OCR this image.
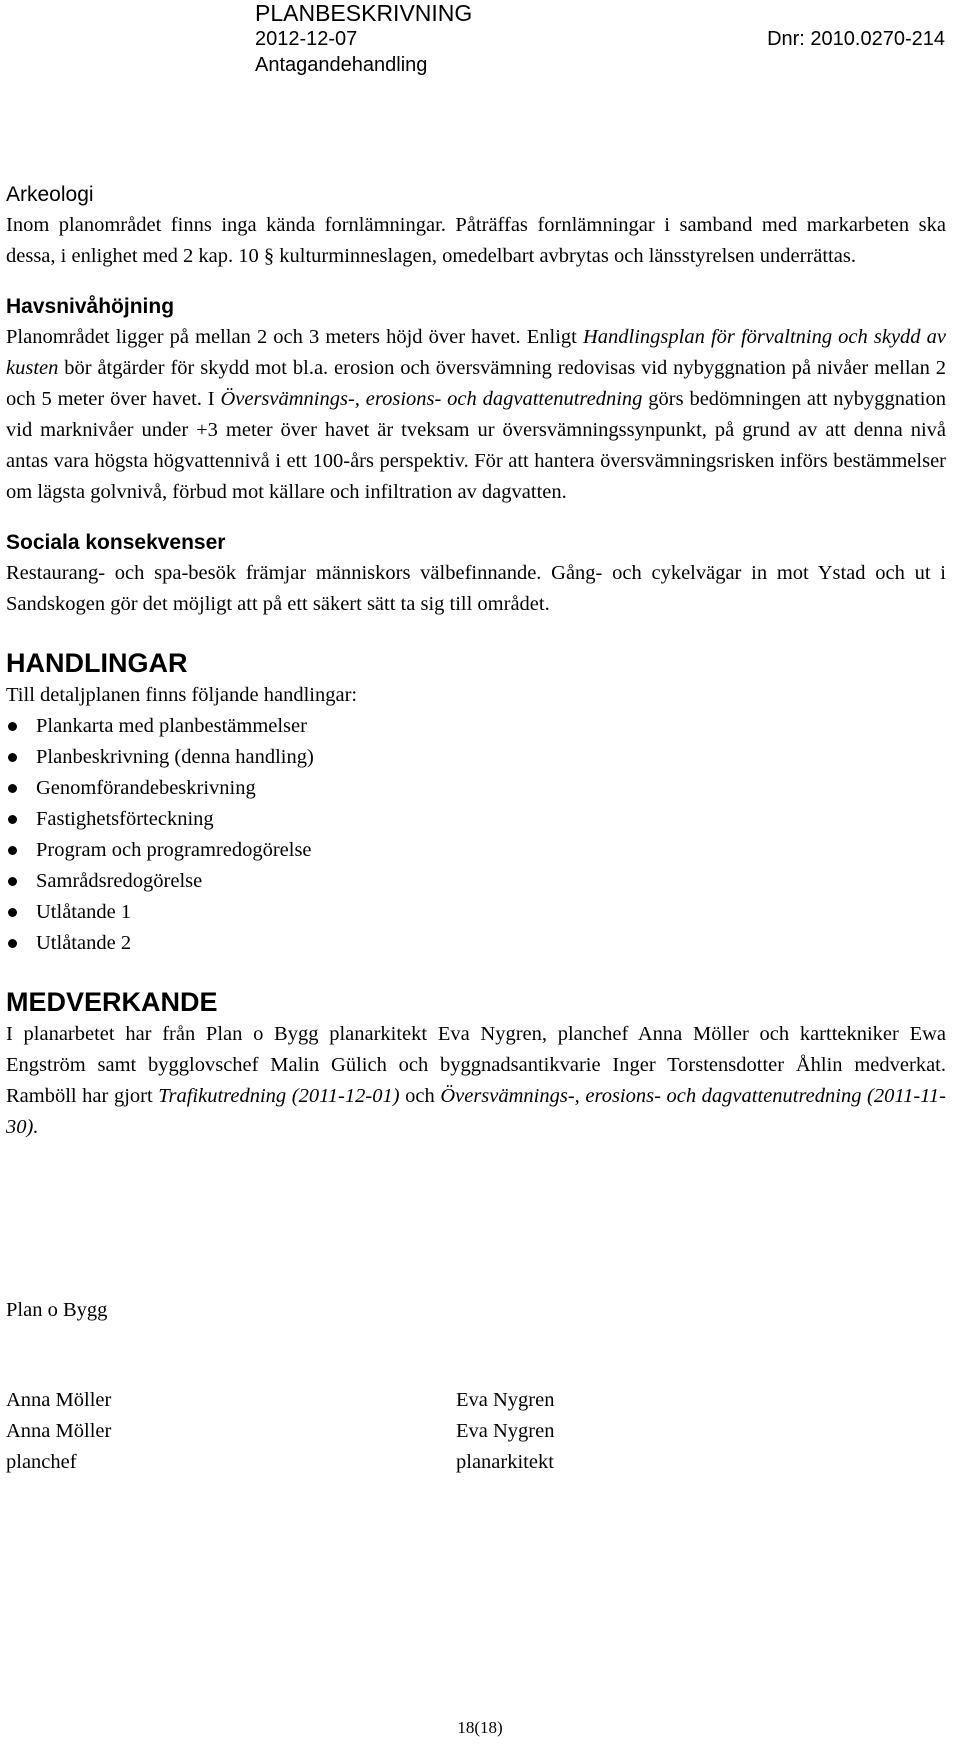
PLANBESKRIVNING
2012-12-07	Dnr: 2010.0270-214
Antagandehandling
Arkeologi

Inom planområdet finns inga kända fornlämningar. Påträffas fornlämningar i samband med markarbeten ska dessa, i enlighet med 2 kap. 10 § kulturminneslagen, omedelbart avbrytas och länsstyrelsen underrättas.

Havsnivåhöjning

Planområdet ligger på mellan 2 och 3 meters höjd över havet. Enligt Handlingsplan för förvaltning och skydd av kusten bör åtgärder för skydd mot bl.a. erosion och översvämning redovisas vid nybyggnation på nivåer mellan 2 och 5 meter över havet. I Översvämnings-, erosions- och dagvattenutredning görs bedömningen att nybyggnation vid marknivåer under +3 meter över havet är tveksam ur översvämningssynpunkt, på grund av att denna nivå antas vara högsta högvattennivå i ett 100-års perspektiv. För att hantera översvämningsrisken införs bestämmelser om lägsta golvnivå, förbud mot källare och infiltration av dagvatten.

Sociala konsekvenser

Restaurang- och spa-besök främjar människors välbefinnande. Gång- och cykelvägar in mot Ystad och ut i Sandskogen gör det möjligt att på ett säkert sätt ta sig till området.

HANDLINGAR

Till detaljplanen finns följande handlingar:

Plankarta med planbestämmelser
Planbeskrivning (denna handling)
Genomförandebeskrivning
Fastighetsförteckning
Program och programredogörelse
Samrådsredogörelse
Utlåtande 1
Utlåtande 2
MEDVERKANDE

I planarbetet har från Plan o Bygg planarkitekt Eva Nygren, planchef Anna Möller och karttekniker Ewa Engström samt bygglovschef Malin Gülich och byggnadsantikvarie Inger Torstensdotter Åhlin medverkat. Ramböll har gjort Trafikutredning (2011-12-01) och Översvämnings-, erosions- och dagvattenutredning (2011-11-30).

Plan o Bygg
Anna Möller
Anna Möller
planchef
Eva Nygren
Eva Nygren
planarkitekt
18(18)
